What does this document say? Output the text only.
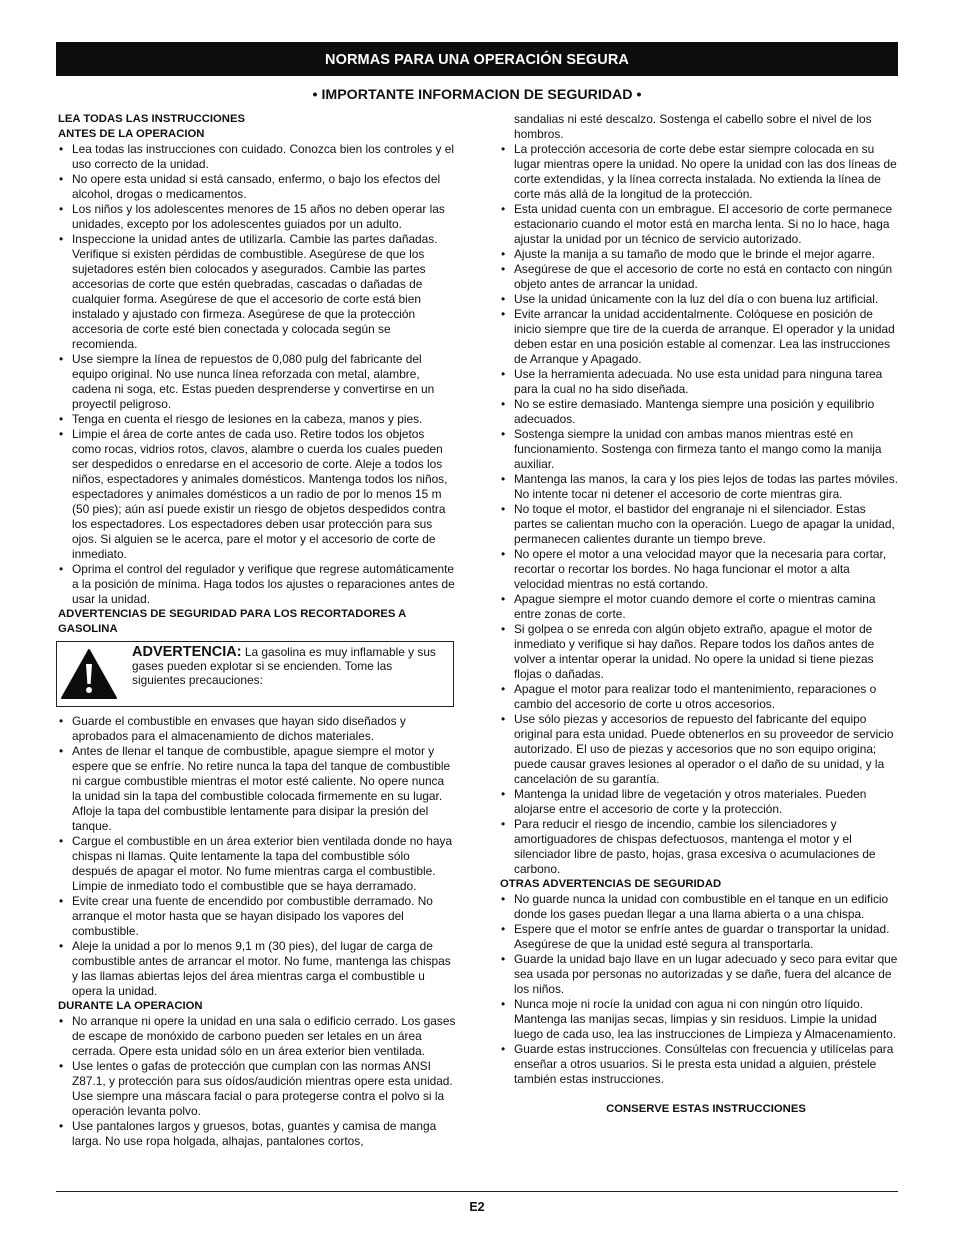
NORMAS PARA UNA OPERACIÓN SEGURA
• IMPORTANTE INFORMACION DE SEGURIDAD •
LEA TODAS LAS INSTRUCCIONES
ANTES DE LA OPERACION
• Lea todas las instrucciones con cuidado. Conozca bien los controles y el uso correcto de la unidad.
• No opere esta unidad si está cansado, enfermo, o bajo los efectos del alcohol, drogas o medicamentos.
• Los niños y los adolescentes menores de 15 años no deben operar las unidades, excepto por los adolescentes guiados por un adulto.
• Inspeccione la unidad antes de utilizarla. Cambie las partes dañadas. Verifique si existen pérdidas de combustible. Asegúrese de que los sujetadores estén bien colocados y asegurados. Cambie las partes accesorias de corte que estén quebradas, cascadas o dañadas de cualquier forma. Asegúrese de que el accesorio de corte está bien instalado y ajustado con firmeza. Asegúrese de que la protección accesoria de corte esté bien conectada y colocada según se recomienda.
• Use siempre la línea de repuestos de 0,080 pulg del fabricante del equipo original. No use nunca línea reforzada con metal, alambre, cadena ni soga, etc. Estas pueden desprenderse y convertirse en un proyectil peligroso.
• Tenga en cuenta el riesgo de lesiones en la cabeza, manos y pies.
• Limpie el área de corte antes de cada uso. Retire todos los objetos como rocas, vidrios rotos, clavos, alambre o cuerda los cuales pueden ser despedidos o enredarse en el accesorio de corte. Aleje a todos los niños, espectadores y animales domésticos. Mantenga todos los niños, espectadores y animales domésticos a un radio de por lo menos 15 m (50 pies); aún así puede existir un riesgo de objetos despedidos contra los espectadores. Los espectadores deben usar protección para sus ojos. Si alguien se le acerca, pare el motor y el accesorio de corte de inmediato.
• Oprima el control del regulador y verifique que regrese automáticamente a la posición de mínima. Haga todos los ajustes o reparaciones antes de usar la unidad.
ADVERTENCIAS DE SEGURIDAD PARA LOS RECORTADORES A
GASOLINA
ADVERTENCIA: La gasolina es muy inflamable y sus gases pueden explotar si se encienden. Tome las siguientes precauciones:
• Guarde el combustible en envases que hayan sido diseñados y aprobados para el almacenamiento de dichos materiales.
• Antes de llenar el tanque de combustible, apague siempre el motor y espere que se enfríe. No retire nunca la tapa del tanque de combustible ni cargue combustible mientras el motor esté caliente. No opere nunca la unidad sin la tapa del combustible colocada firmemente en su lugar. Afloje la tapa del combustible lentamente para disipar la presión del tanque.
• Cargue el combustible en un área exterior bien ventilada donde no haya chispas ni llamas. Quite lentamente la tapa del combustible sólo después de apagar el motor. No fume mientras carga el combustible. Limpie de inmediato todo el combustible que se haya derramado.
• Evite crear una fuente de encendido por combustible derramado. No arranque el motor hasta que se hayan disipado los vapores del combustible.
• Aleje la unidad a por lo menos 9,1 m (30 pies), del lugar de carga de combustible antes de arrancar el motor. No fume, mantenga las chispas y las llamas abiertas lejos del área mientras carga el combustible u opera la unidad.
DURANTE LA OPERACION
• No arranque ni opere la unidad en una sala o edificio cerrado. Los gases de escape de monóxido de carbono pueden ser letales en un área cerrada. Opere esta unidad sólo en un área exterior bien ventilada.
• Use lentes o gafas de protección que cumplan con las normas ANSI Z87.1, y protección para sus oídos/audición mientras opere esta unidad. Use siempre una máscara facial o para protegerse contra el polvo si la operación levanta polvo.
• Use pantalones largos y gruesos, botas, guantes y camisa de manga larga. No use ropa holgada, alhajas, pantalones cortos,
sandalias ni esté descalzo. Sostenga el cabello sobre el nivel de los hombros.
• La protección accesoria de corte debe estar siempre colocada en su lugar mientras opere la unidad. No opere la unidad con las dos líneas de corte extendidas, y la línea correcta instalada. No extienda la línea de corte más allá de la longitud de la protección.
• Esta unidad cuenta con un embrague. El accesorio de corte permanece estacionario cuando el motor está en marcha lenta. Si no lo hace, haga ajustar la unidad por un técnico de servicio autorizado.
• Ajuste la manija a su tamaño de modo que le brinde el mejor agarre.
• Asegúrese de que el accesorio de corte no está en contacto con ningún objeto antes de arrancar la unidad.
• Use la unidad únicamente con la luz del día o con buena luz artificial.
• Evite arrancar la unidad accidentalmente. Colóquese en posición de inicio siempre que tire de la cuerda de arranque. El operador y la unidad deben estar en una posición estable al comenzar. Lea las instrucciones de Arranque y Apagado.
• Use la herramienta adecuada. No use esta unidad para ninguna tarea para la cual no ha sido diseñada.
• No se estire demasiado. Mantenga siempre una posición y equilibrio adecuados.
• Sostenga siempre la unidad con ambas manos mientras esté en funcionamiento. Sostenga con firmeza tanto el mango como la manija auxiliar.
• Mantenga las manos, la cara y los pies lejos de todas las partes móviles. No intente tocar ni detener el accesorio de corte mientras gira.
• No toque el motor, el bastidor del engranaje ni el silenciador. Estas partes se calientan mucho con la operación. Luego de apagar la unidad, permanecen calientes durante un tiempo breve.
• No opere el motor a una velocidad mayor que la necesaria para cortar, recortar o recortar los bordes. No haga funcionar el motor a alta velocidad mientras no está cortando.
• Apague siempre el motor cuando demore el corte o mientras camina entre zonas de corte.
• Si golpea o se enreda con algún objeto extraño, apague el motor de inmediato y verifique si hay daños. Repare todos los daños antes de volver a intentar operar la unidad. No opere la unidad si tiene piezas flojas o dañadas.
• Apague el motor para realizar todo el mantenimiento, reparaciones o cambio del accesorio de corte u otros accesorios.
• Use sólo piezas y accesorios de repuesto del fabricante del equipo original para esta unidad. Puede obtenerlos en su proveedor de servicio autorizado. El uso de piezas y accesorios que no son equipo origina; puede causar graves lesiones al operador o el daño de su unidad, y la cancelación de su garantía.
• Mantenga la unidad libre de vegetación y otros materiales. Pueden alojarse entre el accesorio de corte y la protección.
• Para reducir el riesgo de incendio, cambie los silenciadores y amortiguadores de chispas defectuosos, mantenga el motor y el silenciador libre de pasto, hojas, grasa excesiva o acumulaciones de carbono.
OTRAS ADVERTENCIAS DE SEGURIDAD
• No guarde nunca la unidad con combustible en el tanque en un edificio donde los gases puedan llegar a una llama abierta o a una chispa.
• Espere que el motor se enfríe antes de guardar o transportar la unidad. Asegúrese de que la unidad esté segura al transportarla.
• Guarde la unidad bajo llave en un lugar adecuado y seco para evitar que sea usada por personas no autorizadas y se dañe, fuera del alcance de los niños.
• Nunca moje ni rocíe la unidad con agua ni con ningún otro líquido. Mantenga las manijas secas, limpias y sin residuos. Limpie la unidad luego de cada uso, lea las instrucciones de Limpieza y Almacenamiento.
• Guarde estas instrucciones. Consúltelas con frecuencia y utilícelas para enseñar a otros usuarios. Si le presta esta unidad a alguien, préstele también estas instrucciones.
CONSERVE ESTAS INSTRUCCIONES
E2
